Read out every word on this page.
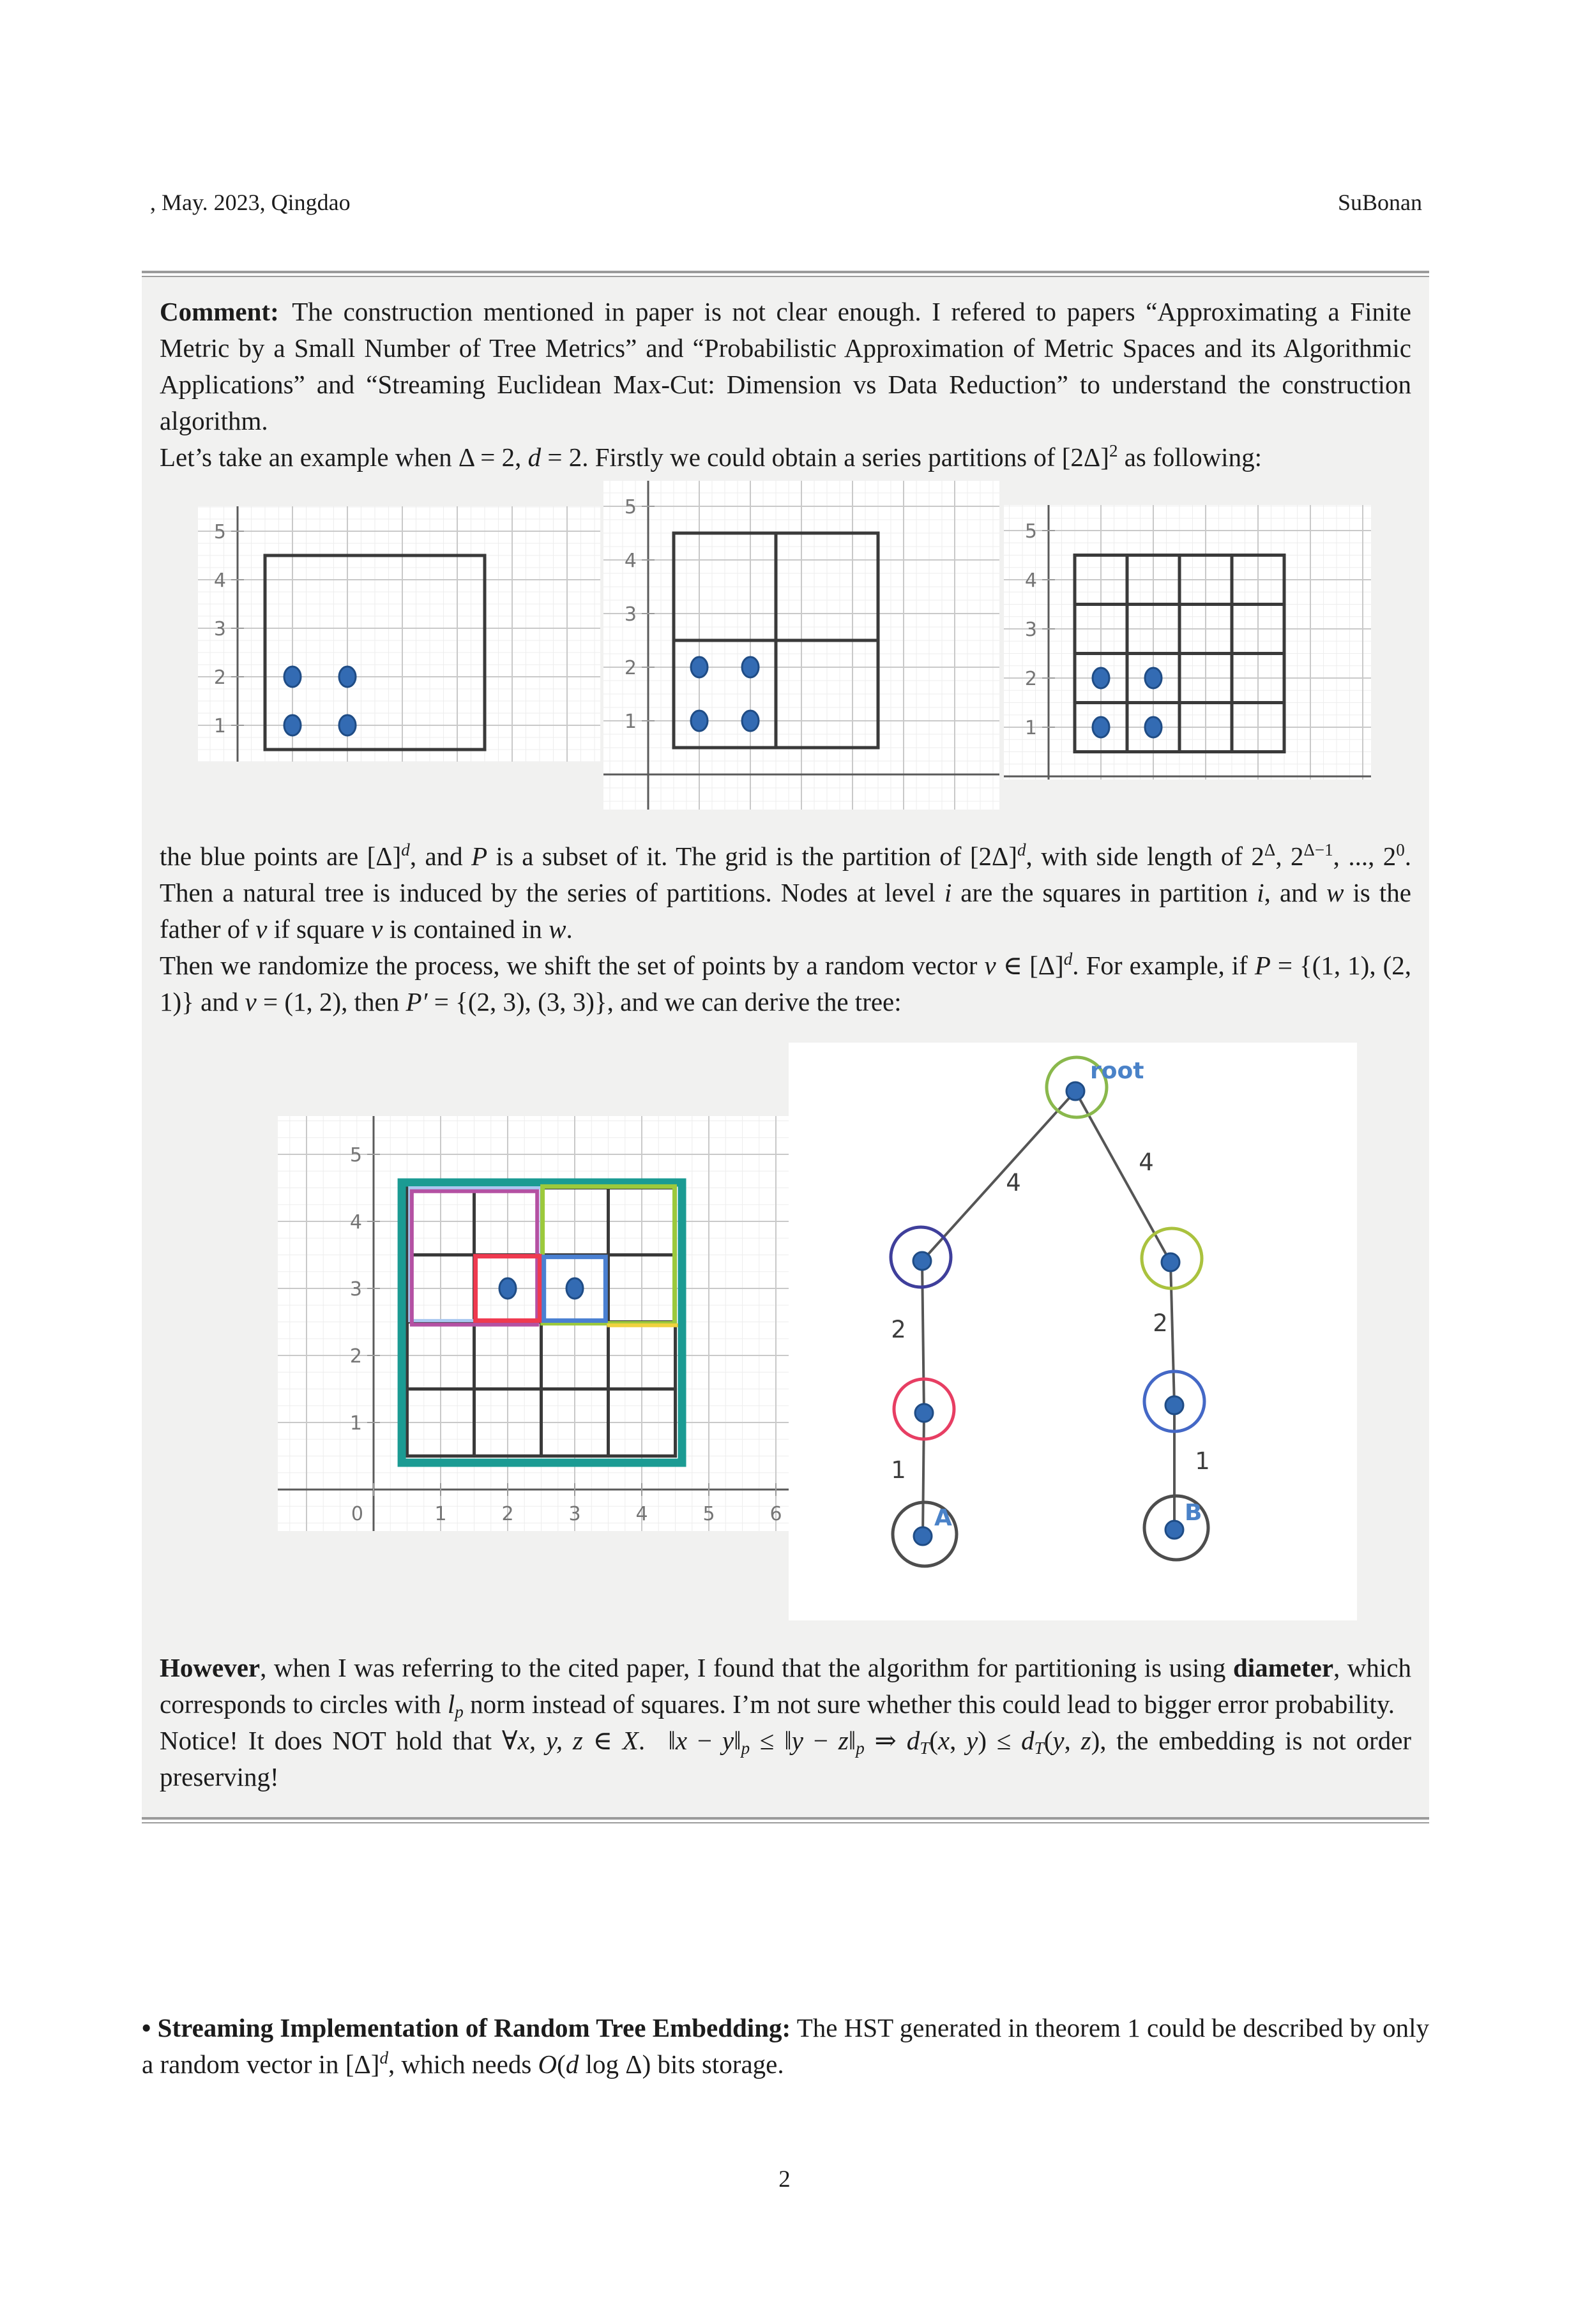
, May. 2023, Qingdao	SuBonan

Comment: The construction mentioned in paper is not clear enough. I refered to papers “Approximating a Finite Metric by a Small Number of Tree Metrics” and “Probabilistic Approximation of Metric Spaces and its Algorithmic Applications” and “Streaming Euclidean Max-Cut: Dimension vs Data Reduction” to understand the construction algorithm.

Let’s take an example when Δ = 2, d = 2. Firstly we could obtain a series partitions of $[2\Delta]^2$ as following:

1
2
3
4
5
1
2
3
4
5
1
2
3
4
5

the blue points are $[\Delta]^d$, and P is a subset of it. The grid is the partition of $[2\Delta]^d$, with side length of $2^\Delta$, $2^{\Delta-1}$, ..., $2^0$. Then a natural tree is induced by the series of partitions. Nodes at level i are the squares in partition i, and w is the father of v if square v is contained in w.

Then we randomize the process, we shift the set of points by a random vector v ∈ $[\Delta]^d$. For example, if P = {(1, 1), (2, 1)} and v = (1, 2), then P′ = {(2, 3), (3, 3)}, and we can derive the tree:

1
2
3
4
5
0	1	2	3	4	5	6
4
4
2	2
1	1
root
A	B

However, when I was referring to the cited paper, I found that the algorithm for partitioning is using diameter, which corresponds to circles with lp norm instead of squares. I’m not sure whether this could lead to bigger error probability.

Notice! It does NOT hold that ∀x, y, z ∈ X.  ‖x − y‖p ≤ ‖y − z‖p ⇒ dT(x, y) ≤ dT(y, z), the embedding is not order preserving!

• Streaming Implementation of Random Tree Embedding: The HST generated in theorem 1 could be described by only a random vector in $[\Delta]^d$, which needs O(d log Δ) bits storage.

2
